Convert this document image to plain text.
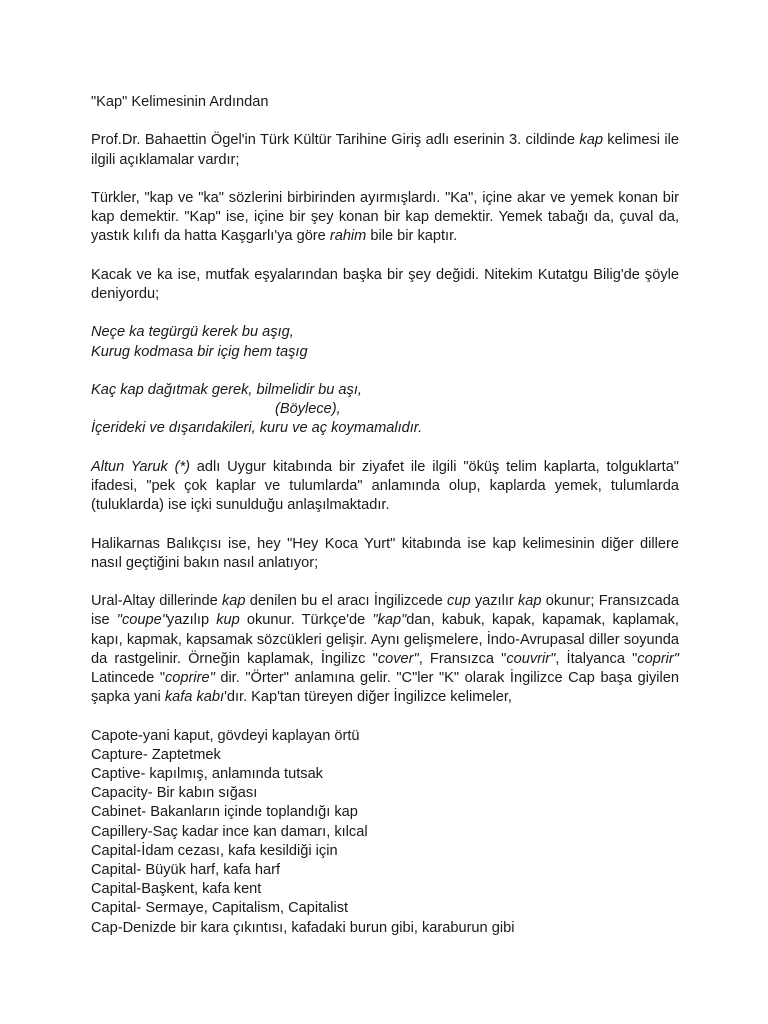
"Kap" Kelimesinin Ardından

Prof.Dr. Bahaettin Ögel'in Türk Kültür Tarihine Giriş adlı eserinin 3. cildinde kap kelimesi ile ilgili açıklamalar vardır;

Türkler, "kap ve "ka" sözlerini birbirinden ayırmışlardı. "Ka", içine akar ve yemek konan bir kap demektir. "Kap" ise, içine bir şey konan bir kap demektir. Yemek tabağı da, çuval da, yastık kılıfı da hatta Kaşgarlı'ya göre rahim bile bir kaptır.

Kacak ve ka ise, mutfak eşyalarından başka bir şey değidi. Nitekim Kutatgu Bilig'de şöyle deniyordu;

Neçe ka tegürgü kerek bu aşıg,
Kurug kodmasa bir içig hem taşıg

Kaç kap dağıtmak gerek, bilmelidir bu aşı,
(Böylece),
İçerideki ve dışarıdakileri, kuru ve aç koymamalıdır.

Altun Yaruk (*) adlı Uygur kitabında bir ziyafet ile ilgili "öküş telim kaplarta, tolguklarta" ifadesi, "pek çok kaplar ve tulumlarda" anlamında olup, kaplarda yemek, tulumlarda (tuluklarda) ise içki sunulduğu anlaşılmaktadır.

Halikarnas Balıkçısı ise, hey "Hey Koca Yurt" kitabında ise kap kelimesinin diğer dillere nasıl geçtiğini bakın nasıl anlatıyor;

Ural-Altay dillerinde kap denilen bu el aracı İngilizcede cup yazılır kap okunur; Fransızcada ise "coupe"yazılıp kup okunur. Türkçe'de "kap"dan, kabuk, kapak, kapamak, kaplamak, kapı, kapmak, kapsamak sözcükleri gelişir. Aynı gelişmelere, İndo-Avrupasal diller soyunda da rastgelinir. Örneğin kaplamak, İngilizc "cover", Fransızca "couvrir", İtalyanca "coprir" Latincede "coprire" dir. "Örter" anlamına gelir. "C"ler "K" olarak İngilizce Cap başa giyilen şapka yani kafa kabı'dır. Kap'tan türeyen diğer İngilizce kelimeler,

Capote-yani kaput, gövdeyi kaplayan örtü
Capture- Zaptetmek
Captive- kapılmış, anlamında tutsak
Capacity- Bir kabın sığası
Cabinet- Bakanların içinde toplandığı kap
Capillery-Saç kadar ince kan damarı, kılcal
Capital-İdam cezası, kafa kesildiği için
Capital- Büyük harf, kafa harf
Capital-Başkent, kafa kent
Capital- Sermaye, Capitalism, Capitalist
Cap-Denizde bir kara çıkıntısı, kafadaki burun gibi, karaburun gibi
